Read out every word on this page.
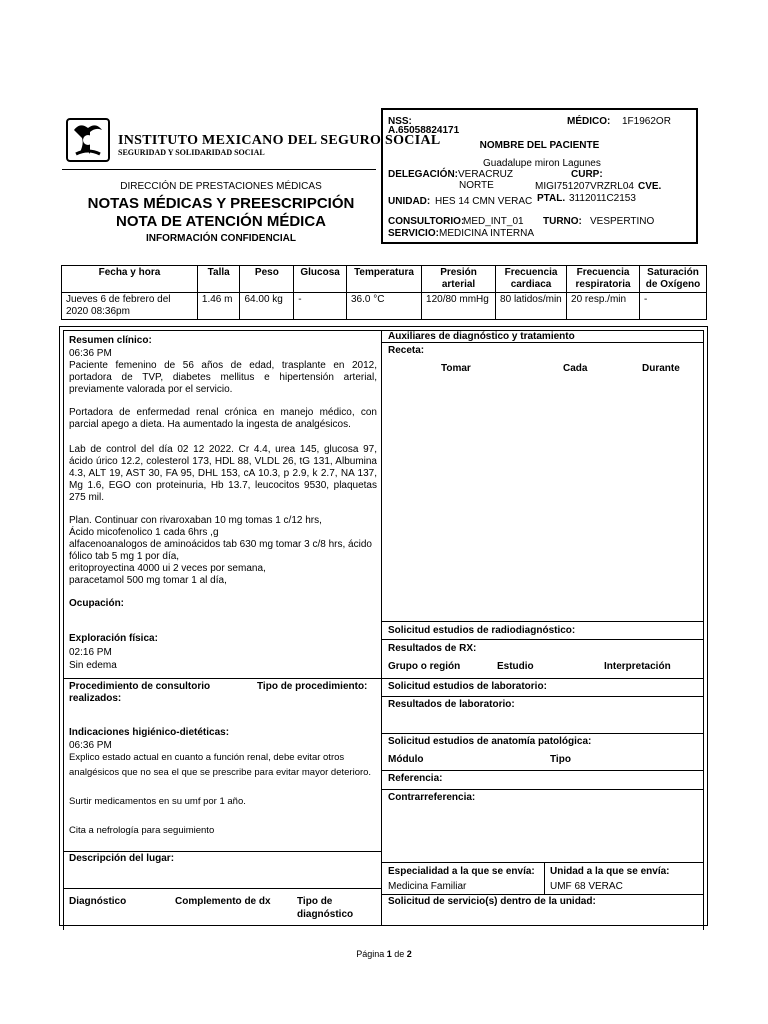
INSTITUTO MEXICANO DEL SEGURO SOCIAL
SEGURIDAD Y SOLIDARIDAD SOCIAL
DIRECCIÓN DE PRESTACIONES MÉDICAS
NOTAS MÉDICAS Y PREESCRIPCIÓN
NOTA DE ATENCIÓN MÉDICA
INFORMACIÓN CONFIDENCIAL
NSS:
A.65058824171
MÉDICO: 1F1962OR
NOMBRE DEL PACIENTE
Guadalupe miron Lagunes
DELEGACIÓN: VERACRUZ
NORTE
CURP:
MIGI751207VRZRL04 CVE.
PTAL. 3112011C2153
UNIDAD: HES 14 CMN VERAC
CONSULTORIO:
MED_INT_01 TURNO: VESPERTINO
SERVICIO: MEDICINA INTERNA
Fecha y hora	Talla	Peso	Glucosa	Temperatura	Presión arterial	Frecuencia cardiaca	Frecuencia respiratoria	Saturación de Oxígeno
Jueves 6 de febrero del 2020 08:36pm	1.46 m	64.00 kg	-	36.0 °C	120/80 mmHg	80 latidos/min	20 resp./min	-
Resumen clínico:
06:36 PM
Paciente femenino de 56 años de edad, trasplante en 2012, portadora de TVP, diabetes mellitus e hipertensión arterial, previamente valorada por el servicio.
Portadora de enfermedad renal crónica en manejo médico, con parcial apego a dieta. Ha aumentado la ingesta de analgésicos.
Lab de control del día 02 12 2022. Cr 4.4, urea 145, glucosa 97, ácido úrico 12.2, colesterol 173, HDL 88, VLDL 26, tG 131, Albumina 4.3, ALT 19, AST 30, FA 95, DHL 153, cA 10.3, p 2.9, k 2.7, NA 137, Mg 1.6, EGO con proteinuria, Hb 13.7, leucocitos 9530, plaquetas 275 mil.
Plan. Continuar con rivaroxaban 10 mg tomas 1 c/12 hrs,
Ácido micofenolico 1 cada 6hrs ,g
alfacenoanalogos de aminoácidos tab 630 mg tomar 3 c/8 hrs, ácido
fólico tab 5 mg 1 por día,
eritoproyectina 4000 ui 2 veces por semana,
paracetamol 500 mg tomar 1 al día,
Ocupación:
Exploración física:
02:16 PM
Sin edema
Procedimiento de consultorio
realizados:
Tipo de procedimiento:
Indicaciones higiénico-dietéticas:
06:36 PM
Explico estado actual en cuanto a función renal, debe evitar otros
analgésicos que no sea el que se prescribe para evitar mayor deterioro.
Surtir medicamentos en su umf por 1 año.
Cita a nefrología para seguimiento
Descripción del lugar:
Diagnóstico	Complemento de dx	Tipo de
diagnóstico
Auxiliares de diagnóstico y tratamiento
Receta:
Tomar	Cada	Durante
Solicitud estudios de radiodiagnóstico:
Resultados de RX:
Grupo o región	Estudio	Interpretación
Solicitud estudios de laboratorio:
Resultados de laboratorio:
Solicitud estudios de anatomía patológica:
Módulo	Tipo
Referencia:
Contrarreferencia:
Especialidad a la que se envía:
Medicina Familiar
Unidad a la que se envía:
UMF 68 VERAC
Solicitud de servicio(s) dentro de la unidad:
Página 1 de 2
